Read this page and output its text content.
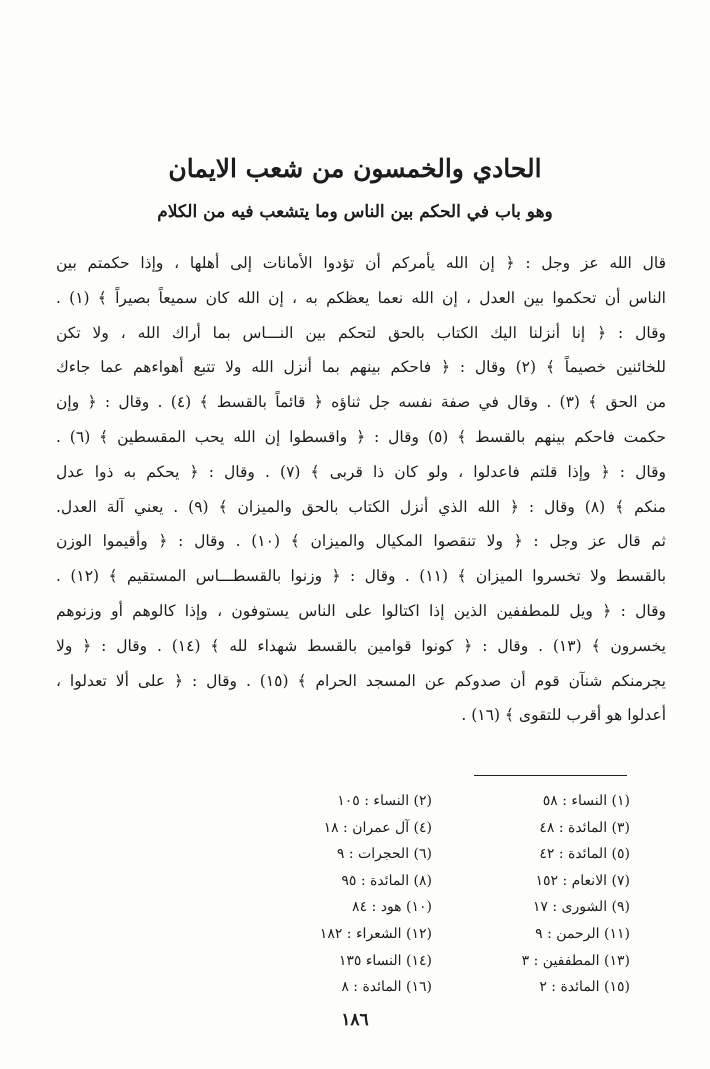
الحادي والخمسون من شعب الايمان
وهو باب في الحكم بين الناس وما يتشعب فيه من الكلام
قال الله عز وجل : ﴿ إن الله يأمركم أن تؤدوا الأمانات إلى أهلها ، وإذا حكمتم بين
الناس أن تحكموا بين العدل ، إن الله نعما يعظكم به ، إن الله كان سميعاً بصيراً ﴾ (١) .
وقال : ﴿ إنا أنزلنا اليك الكتاب بالحق لتحكم بين النـــاس بما أراك الله ، ولا تكن
للخائنين خصيماً ﴾ (٢) وقال : ﴿ فاحكم بينهم بما أنزل الله ولا تتبع أهواءهم عما جاءك
من الحق ﴾ (٣) . وقال في صفة نفسه جل ثناؤه ﴿ قائماً بالقسط ﴾ (٤) . وقال : ﴿ وإن
حكمت فاحكم بينهم بالقسط ﴾ (٥) وقال : ﴿ واقسطوا إن الله يحب المقسطين ﴾ (٦) .
وقال : ﴿ وإذا قلتم فاعدلوا ، ولو كان ذا قربى ﴾ (٧) . وقال : ﴿ يحكم به ذوا عدل
منكم ﴾ (٨) وقال : ﴿ الله الذي أنزل الكتاب بالحق والميزان ﴾ (٩) . يعني آلة العدل.
ثم قال عز وجل : ﴿ ولا تنقصوا المكيال والميزان ﴾ (١٠) . وقال : ﴿ وأقيموا الوزن
بالقسط ولا تخسروا الميزان ﴾ (١١) . وقال : ﴿ وزنوا بالقسطـــاس المستقيم ﴾ (١٢) .
وقال : ﴿ ويل للمطففين الذين إذا اكتالوا على الناس يستوفون ، وإذا كالوهم أو وزنوهم
يخسرون ﴾ (١٣) . وقال : ﴿ كونوا قوامين بالقسط شهداء لله ﴾ (١٤) . وقال : ﴿ ولا
يجرمنكم شنآن قوم أن صدوكم عن المسجد الحرام ﴾ (١٥) . وقال : ﴿ على ألا تعدلوا ،
أعدلوا هو أقرب للتقوى ﴾ (١٦) .
(١) النساء : ٥٨
(٣) المائدة : ٤٨
(٥) المائدة : ٤٢
(٧) الانعام : ١٥٢
(٩) الشورى : ١٧
(١١) الرحمن : ٩
(١٣) المطففين : ٣
(١٥) المائدة : ٢
(٢) النساء : ١٠٥
(٤) آل عمران : ١٨
(٦) الحجرات : ٩
(٨) المائدة : ٩٥
(١٠) هود : ٨٤
(١٢) الشعراء : ١٨٢
(١٤) النساء ١٣٥
(١٦) المائدة : ٨
١٨٦
